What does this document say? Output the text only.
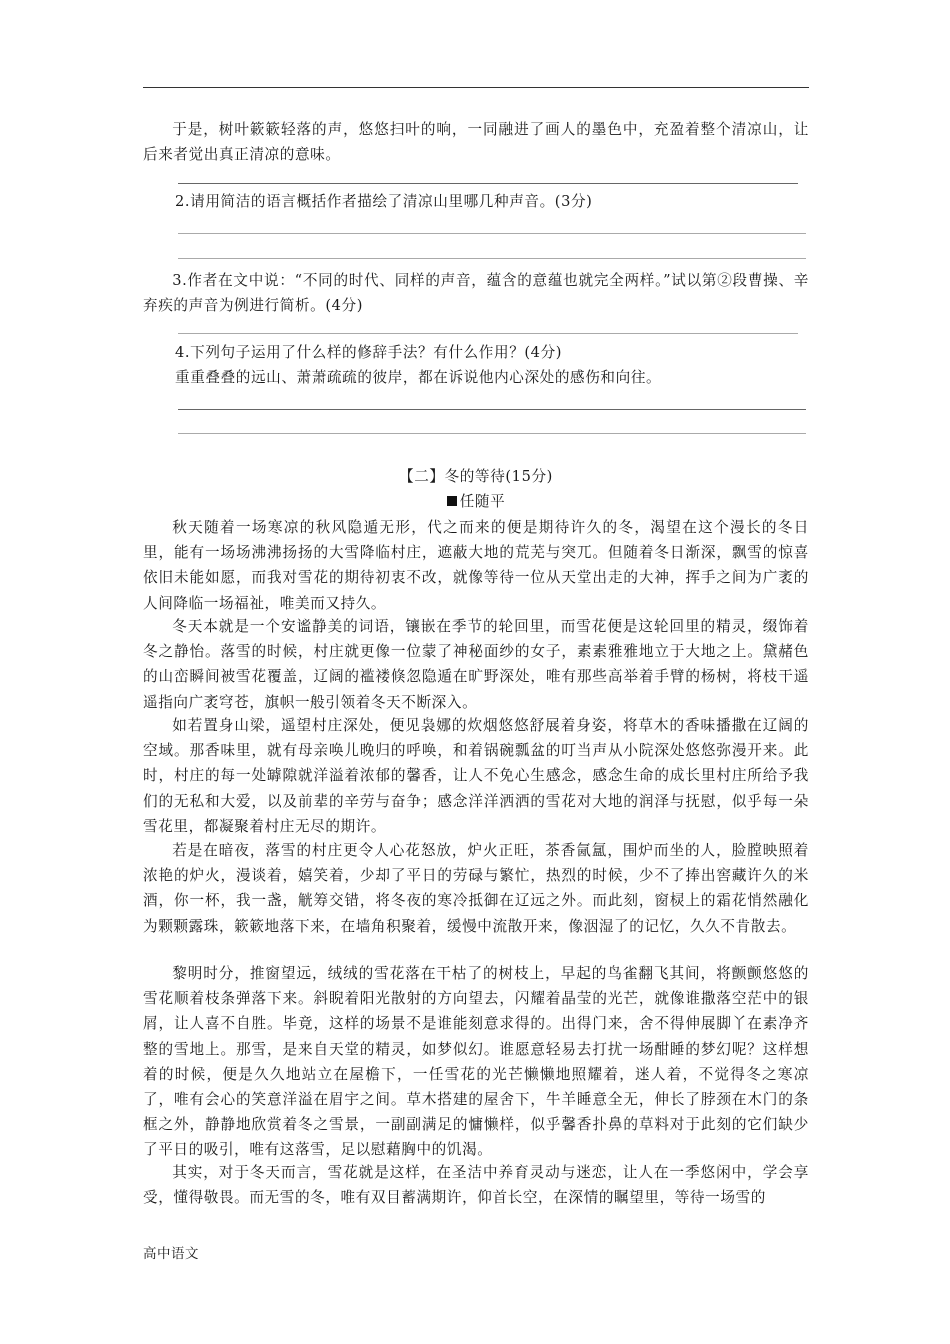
于是，树叶簌簌轻落的声，悠悠扫叶的响，一同融进了画人的墨色中，充盈着整个清凉山，让后来者觉出真正清凉的意味。
2.请用简洁的语言概括作者描绘了清凉山里哪几种声音。(3分)
3.作者在文中说：“不同的时代、同样的声音，蕴含的意蕴也就完全两样。”试以第②段曹操、辛弃疾的声音为例进行简析。(4分)
4.下列句子运用了什么样的修辞手法？有什么作用？(4分)
重重叠叠的远山、萧萧疏疏的彼岸，都在诉说他内心深处的感伤和向往。
【二】冬的等待(15分)
任随平
秋天随着一场寒凉的秋风隐遁无形，代之而来的便是期待许久的冬，渴望在这个漫长的冬日里，能有一场场沸沸扬扬的大雪降临村庄，遮蔽大地的荒芜与突兀。但随着冬日渐深，飘雪的惊喜依旧未能如愿，而我对雪花的期待初衷不改，就像等待一位从天堂出走的大神，挥手之间为广袤的人间降临一场福祉，唯美而又持久。
冬天本就是一个安谧静美的词语，镶嵌在季节的轮回里，而雪花便是这轮回里的精灵，缀饰着冬之静怡。落雪的时候，村庄就更像一位蒙了神秘面纱的女子，素素雅雅地立于大地之上。黛赭色的山峦瞬间被雪花覆盖，辽阔的褴褛倏忽隐遁在旷野深处，唯有那些高举着手臂的杨树，将枝干遥遥指向广袤穹苍，旗帜一般引领着冬天不断深入。
如若置身山梁，遥望村庄深处，便见袅娜的炊烟悠悠舒展着身姿，将草木的香味播撒在辽阔的空域。那香味里，就有母亲唤儿晚归的呼唤，和着锅碗瓢盆的叮当声从小院深处悠悠弥漫开来。此时，村庄的每一处罅隙就洋溢着浓郁的馨香，让人不免心生感念，感念生命的成长里村庄所给予我们的无私和大爱，以及前辈的辛劳与奋争；感念洋洋洒洒的雪花对大地的润泽与抚慰，似乎每一朵雪花里，都凝聚着村庄无尽的期许。
若是在暗夜，落雪的村庄更令人心花怒放，炉火正旺，茶香氤氲，围炉而坐的人，脸膛映照着浓艳的炉火，漫谈着，嬉笑着，少却了平日的劳碌与繁忙，热烈的时候，少不了捧出窖藏许久的米酒，你一杯，我一盏，觥筹交错，将冬夜的寒冷抵御在辽远之外。而此刻，窗棂上的霜花悄然融化为颗颗露珠，簌簌地落下来，在墙角积聚着，缓慢中流散开来，像洇湿了的记忆，久久不肯散去。
黎明时分，推窗望远，绒绒的雪花落在干枯了的树枝上，早起的鸟雀翻飞其间，将颤颤悠悠的雪花顺着枝条弹落下来。斜睨着阳光散射的方向望去，闪耀着晶莹的光芒，就像谁撒落空茫中的银屑，让人喜不自胜。毕竟，这样的场景不是谁能刻意求得的。出得门来，舍不得伸展脚丫在素净齐整的雪地上。那雪，是来自天堂的精灵，如梦似幻。谁愿意轻易去打扰一场酣睡的梦幻呢？这样想着的时候，便是久久地站立在屋檐下，一任雪花的光芒懒懒地照耀着，迷人着，不觉得冬之寒凉了，唯有会心的笑意洋溢在眉宇之间。草木搭建的屋舍下，牛羊睡意全无，伸长了脖颈在木门的条框之外，静静地欣赏着冬之雪景，一副副满足的慵懒样，似乎馨香扑鼻的草料对于此刻的它们缺少了平日的吸引，唯有这落雪，足以慰藉胸中的饥渴。
其实，对于冬天而言，雪花就是这样，在圣洁中养育灵动与迷恋，让人在一季悠闲中，学会享受，懂得敬畏。而无雪的冬，唯有双目蓄满期许，仰首长空，在深情的瞩望里，等待一场雪的
高中语文
